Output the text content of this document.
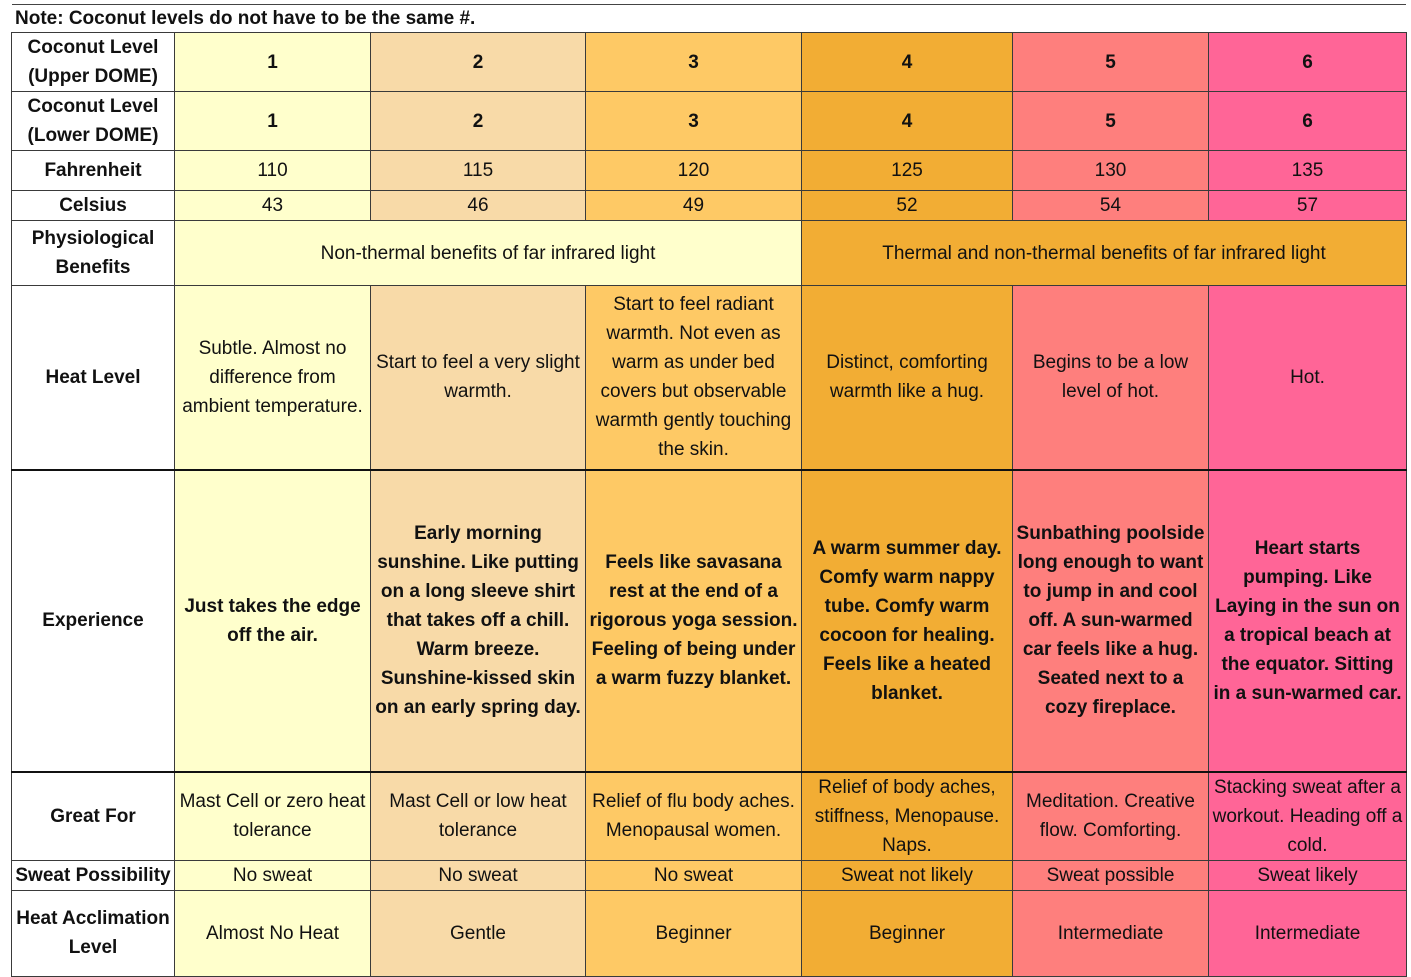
Note: Coconut levels do not have to be the same #.
Coconut Level (Upper DOME)	1	2	3	4	5	6
Coconut Level (Lower DOME)	1	2	3	4	5	6
Fahrenheit	110	115	120	125	130	135
Celsius	43	46	49	52	54	57
Physiological Benefits	Non-thermal benefits of far infrared light			Thermal and non-thermal benefits of far infrared light		
Heat Level	Subtle. Almost no difference from ambient temperature.	Start to feel a very slight warmth.	Start to feel radiant warmth. Not even as warm as under bed covers but observable warmth gently touching the skin.	Distinct, comforting warmth like a hug.	Begins to be a low level of hot.	Hot.
Experience	Just takes the edge off the air.	Early morning sunshine. Like putting on a long sleeve shirt that takes off a chill. Warm breeze. Sunshine-kissed skin on an early spring day.	Feels like savasana rest at the end of a rigorous yoga session. Feeling of being under a warm fuzzy blanket.	A warm summer day. Comfy warm nappy tube. Comfy warm cocoon for healing. Feels like a heated blanket.	Sunbathing poolside long enough to want to jump in and cool off. A sun-warmed car feels like a hug. Seated next to a cozy fireplace.	Heart starts pumping. Like Laying in the sun on a tropical beach at the equator. Sitting in a sun-warmed car.
Great For	Mast Cell or zero heat tolerance	Mast Cell or low heat tolerance	Relief of flu body aches. Menopausal women.	Relief of body aches, stiffness, Menopause. Naps.	Meditation. Creative flow. Comforting.	Stacking sweat after a workout. Heading off a cold.
Sweat Possibility	No sweat	No sweat	No sweat	Sweat not likely	Sweat possible	Sweat likely
Heat Acclimation Level	Almost No Heat	Gentle	Beginner	Beginner	Intermediate	Intermediate
